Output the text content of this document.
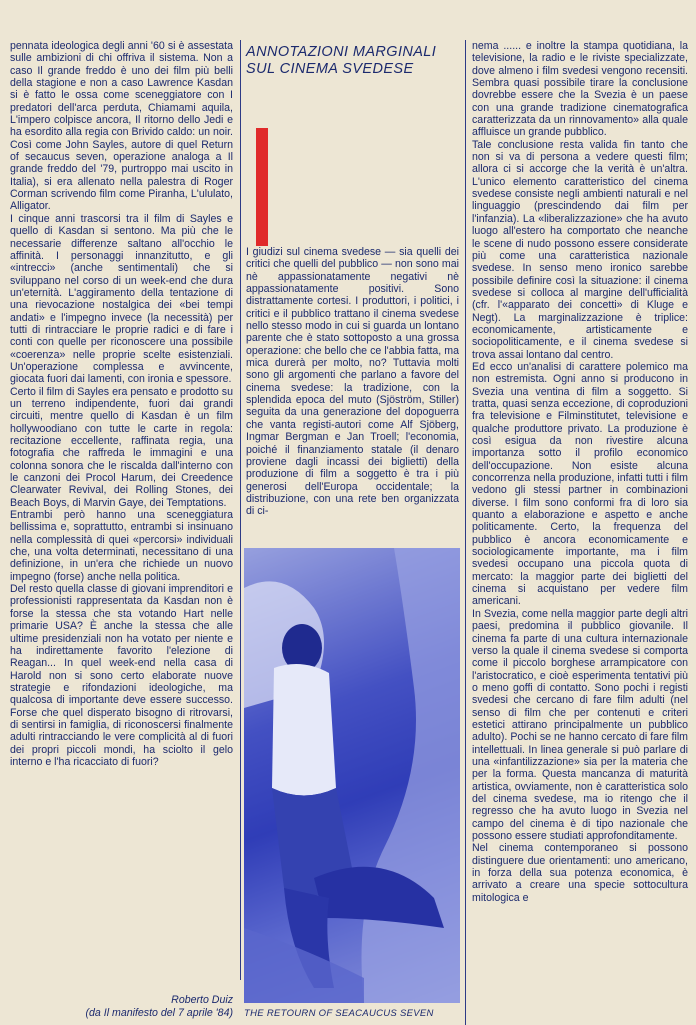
pennata ideologica degli anni '60 si è assestata sulle ambizioni di chi offriva il sistema. Non a caso Il grande freddo è uno dei film più belli della stagione e non a caso Lawrence Kasdan si è fatto le ossa come sceneggiatore con I predatori dell'arca perduta, Chiamami aquila, L'impero colpisce ancora, Il ritorno dello Jedi e ha esordito alla regia con Brivido caldo: un noir. Così come John Sayles, autore di quel Return of secaucus seven, operazione analoga a Il grande freddo del '79, purtroppo mai uscito in Italia), si era allenato nella palestra di Roger Corman scrivendo film come Piranha, L'ululato, Alligator.

I cinque anni trascorsi tra il film di Sayles e quello di Kasdan si sentono. Ma più che le necessarie differenze saltano all'occhio le affinità. I personaggi innanzitutto, e gli «intrecci» (anche sentimentali) che si sviluppano nel corso di un week-end che dura un'eternità. L'aggiramento della tentazione di una rievocazione nostalgica dei «bei tempi andati» e l'impegno invece (la necessità) per tutti di rintracciare le proprie radici e di fare i conti con quelle per riconoscere una possibile «coerenza» nelle proprie scelte esistenziali. Un'operazione complessa e avvincente, giocata fuori dai lamenti, con ironia e spessore.

Certo il film di Sayles era pensato e prodotto su un terreno indipendente, fuori dai grandi circuiti, mentre quello di Kasdan è un film hollywoodiano con tutte le carte in regola: recitazione eccellente, raffinata regia, una fotografia che raffreda le immagini e una colonna sonora che le riscalda dall'interno con le canzoni dei Procol Harum, dei Creedence Clearwater Revival, dei Rolling Stones, dei Beach Boys, di Marvin Gaye, dei Temptations.

Entrambi però hanno una sceneggiatura bellissima e, soprattutto, entrambi si insinuano nella complessità di quei «percorsi» individuali che, una volta determinati, necessitano di una definizione, in un'era che richiede un nuovo impegno (forse) anche nella politica.

Del resto quella classe di giovani imprenditori e professionisti rappresentata da Kasdan non è forse la stessa che sta votando Hart nelle primarie USA? È anche la stessa che alle ultime presidenziali non ha votato per niente e ha indirettamente favorito l'elezione di Reagan... In quel week-end nella casa di Harold non si sono certo elaborate nuove strategie e rifondazioni ideologiche, ma qualcosa di importante deve essere successo. Forse che quel disperato bisogno di ritrovarsi, di sentirsi in famiglia, di riconoscersi finalmente adulti rintracciando le vere complicità al di fuori dei propri piccoli mondi, ha sciolto il gelo interno e l'ha ricacciato di fuori?

Roberto Duiz
(da Il manifesto del 7 aprile '84)
ANNOTAZIONI MARGINALI SUL CINEMA SVEDESE

I giudizi sul cinema svedese — sia quelli dei critici che quelli del pubblico — non sono mai nè appassionatamente negativi nè appassionatamente positivi. Sono distrattamente cortesi. I produttori, i politici, i critici e il pubblico trattano il cinema svedese nello stesso modo in cui si guarda un lontano parente che è stato sottoposto a una grossa operazione: che bello che ce l'abbia fatta, ma mica durerà per molto, no? Tuttavia molti sono gli argomenti che parlano a favore del cinema svedese: la tradizione, con la splendida epoca del muto (Sjöström, Stiller) seguita da una generazione del dopoguerra che vanta registi-autori come Alf Sjöberg, Ingmar Bergman e Jan Troell; l'economia, poiché il finanziamento statale (il denaro proviene dagli incassi dei biglietti) della produzione di film a soggetto è tra i più generosi dell'Europa occidentale; la distribuzione, con una rete ben organizzata di ci-

THE RETOURN OF SEACAUCUS SEVEN

nema ...... e inoltre la stampa quotidiana, la televisione, la radio e le riviste specializzate, dove almeno i film svedesi vengono recensiti. Sembra quasi possibile tirare la conclusione dovrebbe essere che la Svezia è un paese con una grande tradizione cinematografica caratterizzata da un rinnovamento» alla quale affluisce un grande pubblico.

Tale conclusione resta valida fin tanto che non si va di persona a vedere questi film; allora ci si accorge che la verità è un'altra. L'unico elemento caratteristico del cinema svedese consiste negli ambienti naturali e nel linguaggio (prescindendo dai film per l'infanzia). La «liberalizzazione» che ha avuto luogo all'estero ha comportato che neanche le scene di nudo possono essere considerate più come una caratteristica nazionale svedese. In senso meno ironico sarebbe possibile definire così la situazione: il cinema svedese si colloca al margine dell'ufficialità (cfr. l'«apparato dei concetti» di Kluge e Negt). La marginalizzazione è triplice: economicamente, artisticamente e sociopoliticamente, e il cinema svedese si trova assai lontano dal centro.

Ed ecco un'analisi di carattere polemico ma non estremista. Ogni anno si producono in Svezia una ventina di film a soggetto. Si tratta, quasi senza eccezione, di coproduzioni fra televisione e Filminstitutet, televisione e qualche produttore privato. La produzione è così esigua da non rivestire alcuna importanza sotto il profilo economico dell'occupazione. Non esiste alcuna concorrenza nella produzione, infatti tutti i film vedono gli stessi partner in combinazioni diverse. I film sono conformi fra di loro sia quanto a elaborazione e aspetto e anche politicamente. Certo, la frequenza del pubblico è ancora economicamente e sociologicamente importante, ma i film svedesi occupano una piccola quota di mercato: la maggior parte dei biglietti del cinema si acquistano per vedere film americani.

In Svezia, come nella maggior parte degli altri paesi, predomina il pubblico giovanile. Il cinema fa parte di una cultura internazionale verso la quale il cinema svedese si comporta come il piccolo borghese arrampicatore con l'aristocratico, e cioè esperimenta tentativi più o meno goffi di contatto. Sono pochi i registi svedesi che cercano di fare film adulti (nel senso di film che per contenuti e criteri estetici attirano principalmente un pubblico adulto). Pochi se ne hanno cercato di fare film intellettuali. In linea generale si può parlare di una «infantilizzazione» sia per la materia che per la forma. Questa mancanza di maturità artistica, ovviamente, non è caratteristica solo del cinema svedese, ma io ritengo che il regresso che ha avuto luogo in Svezia nel campo del cinema è di tipo nazionale che possono essere studiati approfonditamente.

Nel cinema contemporaneo si possono distinguere due orientamenti: uno americano, in forza della sua potenza economica, è arrivato a creare una specie sottocultura mitologica e
